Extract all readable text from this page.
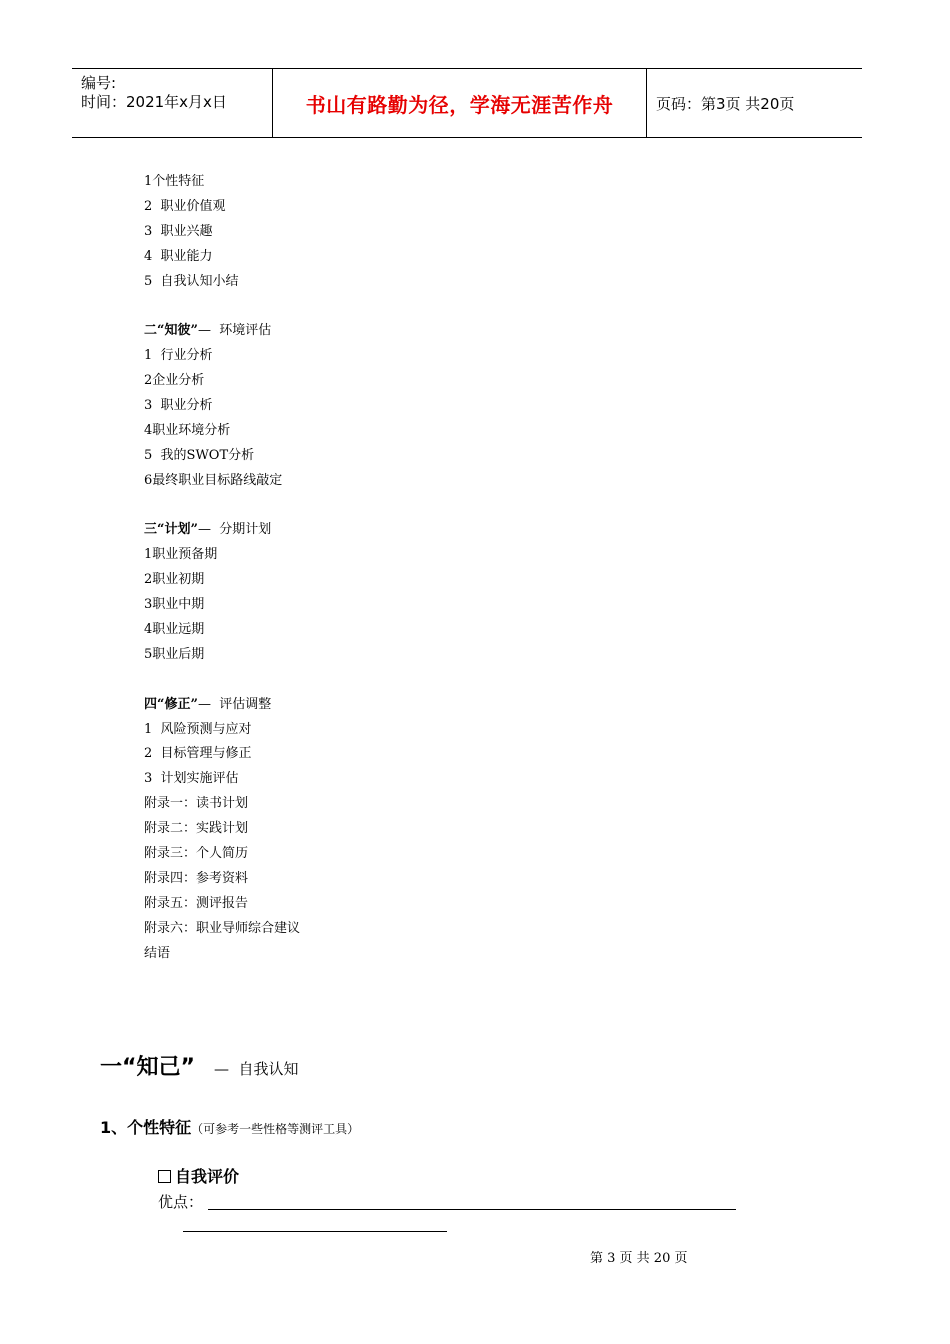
编号:
时间：2021年x月x日	书山有路勤为径，学海无涯苦作舟	页码：第3页 共20页
1个性特征
2  职业价值观
3  职业兴趣
4  职业能力
5  自我认知小结
二“知彼”—  环境评估
1  行业分析
2企业分析
3  职业分析
4职业环境分析
5  我的SWOT分析
6最终职业目标路线敲定
三“计划”—  分期计划
1职业预备期
2职业初期
3职业中期
4职业远期
5职业后期
四“修正”—  评估调整
1  风险预测与应对
2  目标管理与修正
3  计划实施评估
附录一：读书计划
附录二：实践计划
附录三：个人简历
附录四：参考资料
附录五：测评报告
附录六：职业导师综合建议
结语
一“知己” —  自我认知
1、个性特征（可参考一些性格等测评工具）
自我评价
优点：
第 3 页 共 20 页
